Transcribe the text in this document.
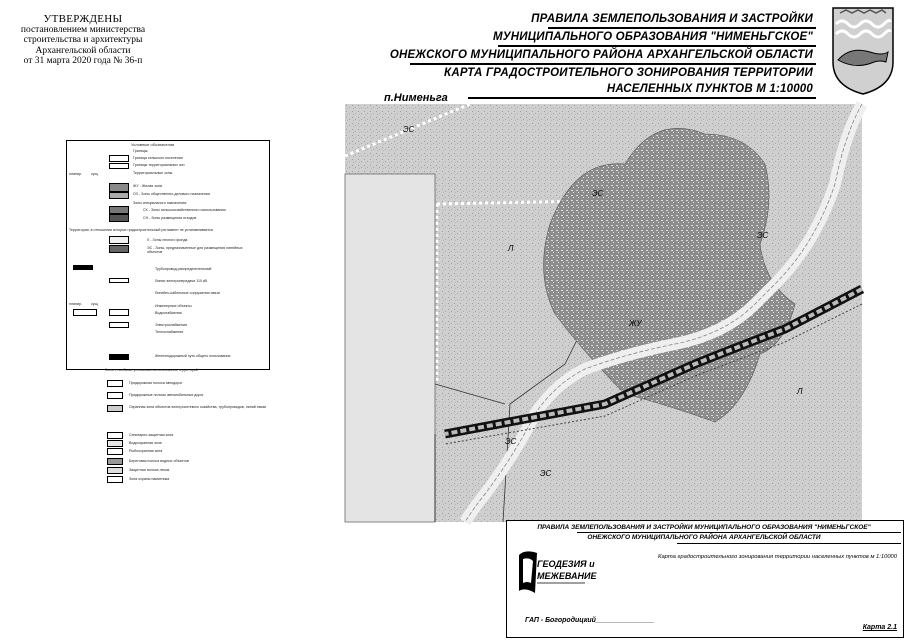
УТВЕРЖДЕНЫ
постановлением министерства
строительства и архитектуры
Архангельской области
от 31 марта 2020 года № 36-п
ПРАВИЛА ЗЕМЛЕПОЛЬЗОВАНИЯ И ЗАСТРОЙКИ
МУНИЦИПАЛЬНОГО ОБРАЗОВАНИЯ "НИМЕНЬГСКОЕ"
ОНЕЖСКОГО МУНИЦИПАЛЬНОГО РАЙОНА АРХАНГЕЛЬСКОЙ ОБЛАСТИ
КАРТА ГРАДОСТРОИТЕЛЬНОГО ЗОНИРОВАНИЯ ТЕРРИТОРИИ
НАСЕЛЕННЫХ ПУНКТОВ М 1:10000
п.Нименьга
ЭС
ЭС
ЭС
ЭС
ЭС
Л
Л
ЖУ
Условные обозначения
планир. сущ.
планир. сущ.
Границы:
Граница сельского поселения
Границы территориальных зон
Территориальные зоны
ЖУ - Жилая зона
ОЗ - Зоны общественно-делового назначения
Зоны специального назначения:
СХ - Зоны сельскохозяйственного использования
СН - Зоны размещения отходов
Территории, в отношении которых градостроительный регламент не устанавливается
Л - Зоны лесного фонда
ЭС - Зоны, предназначенные для размещения линейных объектов
Трубопровод распределительный
Линии электропередачи 110 кВ
Линейно-кабельные сооружения связи
Инженерные объекты
Водоснабжения
Электроснабжения
Теплоснабжения
Железнодорожный путь общего пользования
Зоны с особыми условиями использования территорий
Придорожная полоса автодорог
Придорожные полосы автомобильных дорог
Охранная зона объектов электросетевого хозяйства, трубопроводов, линий связи
Санитарно-защитная зона
Водоохранная зона
Рыбоохранная зона
Береговая полоса водных объектов
Защитная полоса лесов
Зона охраны памятника
ПРАВИЛА ЗЕМЛЕПОЛЬЗОВАНИЯ И ЗАСТРОЙКИ МУНИЦИПАЛЬНОГО ОБРАЗОВАНИЯ "НИМЕНЬГСКОЕ"
ОНЕЖСКОГО МУНИЦИПАЛЬНОГО РАЙОНА АРХАНГЕЛЬСКОЙ ОБЛАСТИ
ГЕОДЕЗИЯ и
МЕЖЕВАНИЕ
Карта градостроительного зонирования территории населенных пунктов м 1:10000
ГАП - Богородицкий_______________
Карта 2.1
